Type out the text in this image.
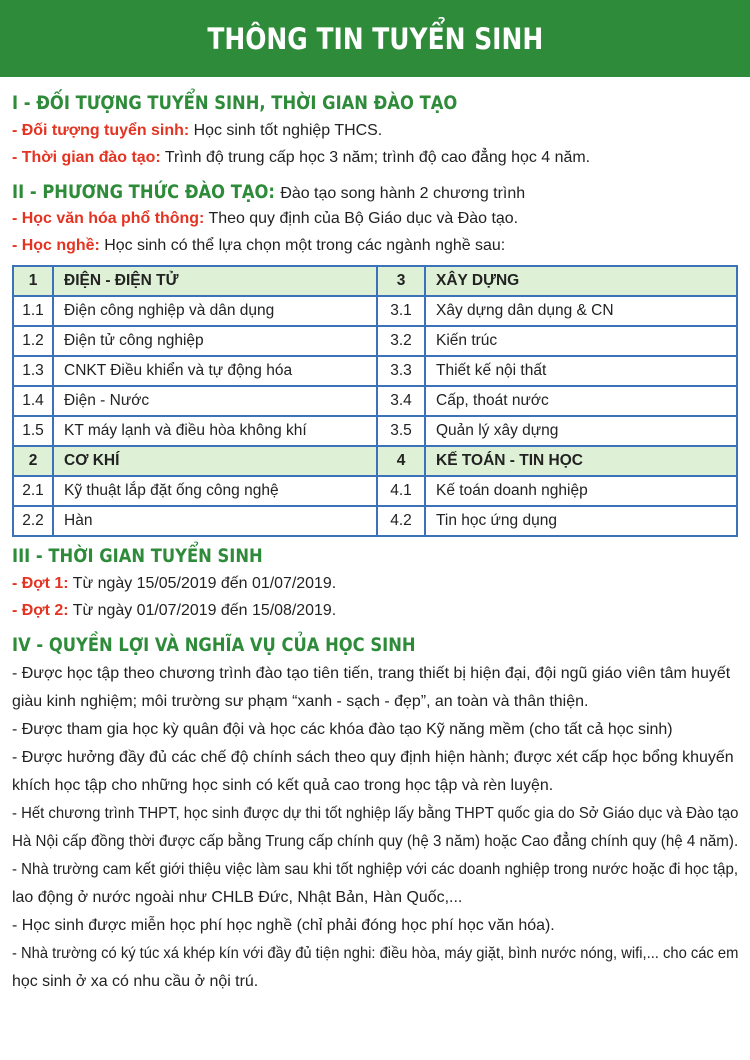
THÔNG TIN TUYỂN SINH
I - ĐỐI TƯỢNG TUYỂN SINH, THỜI GIAN ĐÀO TẠO
- Đối tượng tuyển sinh: Học sinh tốt nghiệp THCS.
- Thời gian đào tạo: Trình độ trung cấp học 3 năm; trình độ cao đẳng học 4 năm.
II - PHƯƠNG THỨC ĐÀO TẠO: Đào tạo song hành 2 chương trình
- Học văn hóa phổ thông: Theo quy định của Bộ Giáo dục và Đào tạo.
- Học nghề: Học sinh có thể lựa chọn một trong các ngành nghề sau:
1	ĐIỆN - ĐIỆN TỬ	3	XÂY DỰNG
1.1	Điện công nghiệp và dân dụng	3.1	Xây dựng dân dụng & CN
1.2	Điện tử công nghiệp	3.2	Kiến trúc
1.3	CNKT Điều khiển và tự động hóa	3.3	Thiết kế nội thất
1.4	Điện - Nước	3.4	Cấp, thoát nước
1.5	KT máy lạnh và điều hòa không khí	3.5	Quản lý xây dựng
2	CƠ KHÍ	4	KẾ TOÁN - TIN HỌC
2.1	Kỹ thuật lắp đặt ống công nghệ	4.1	Kế toán doanh nghiệp
2.2	Hàn	4.2	Tin học ứng dụng
III - THỜI GIAN TUYỂN SINH
- Đợt 1: Từ ngày 15/05/2019 đến 01/07/2019.
- Đợt 2: Từ ngày 01/07/2019 đến 15/08/2019.
IV - QUYỀN LỢI VÀ NGHĨA VỤ CỦA HỌC SINH
- Được học tập theo chương trình đào tạo tiên tiến, trang thiết bị hiện đại, đội ngũ giáo viên tâm huyết
giàu kinh nghiệm; môi trường sư phạm “xanh - sạch - đẹp”, an toàn và thân thiện.
- Được tham gia học kỳ quân đội và học các khóa đào tạo Kỹ năng mềm (cho tất cả học sinh)
- Được hưởng đầy đủ các chế độ chính sách theo quy định hiện hành; được xét cấp học bổng khuyến
khích học tập cho những học sinh có kết quả cao trong học tập và rèn luyện.
- Hết chương trình THPT, học sinh được dự thi tốt nghiệp lấy bằng THPT quốc gia do Sở Giáo dục và Đào tạo
Hà Nội cấp đồng thời được cấp bằng Trung cấp chính quy (hệ 3 năm) hoặc Cao đẳng chính quy (hệ 4 năm).
- Nhà trường cam kết giới thiệu việc làm sau khi tốt nghiệp với các doanh nghiệp trong nước hoặc đi học tập,
lao động ở nước ngoài như CHLB Đức, Nhật Bản, Hàn Quốc,...
- Học sinh được miễn học phí học nghề (chỉ phải đóng học phí học văn hóa).
- Nhà trường có ký túc xá khép kín với đầy đủ tiện nghi: điều hòa, máy giặt, bình nước nóng, wifi,... cho các em
học sinh ở xa có nhu cầu ở nội trú.
